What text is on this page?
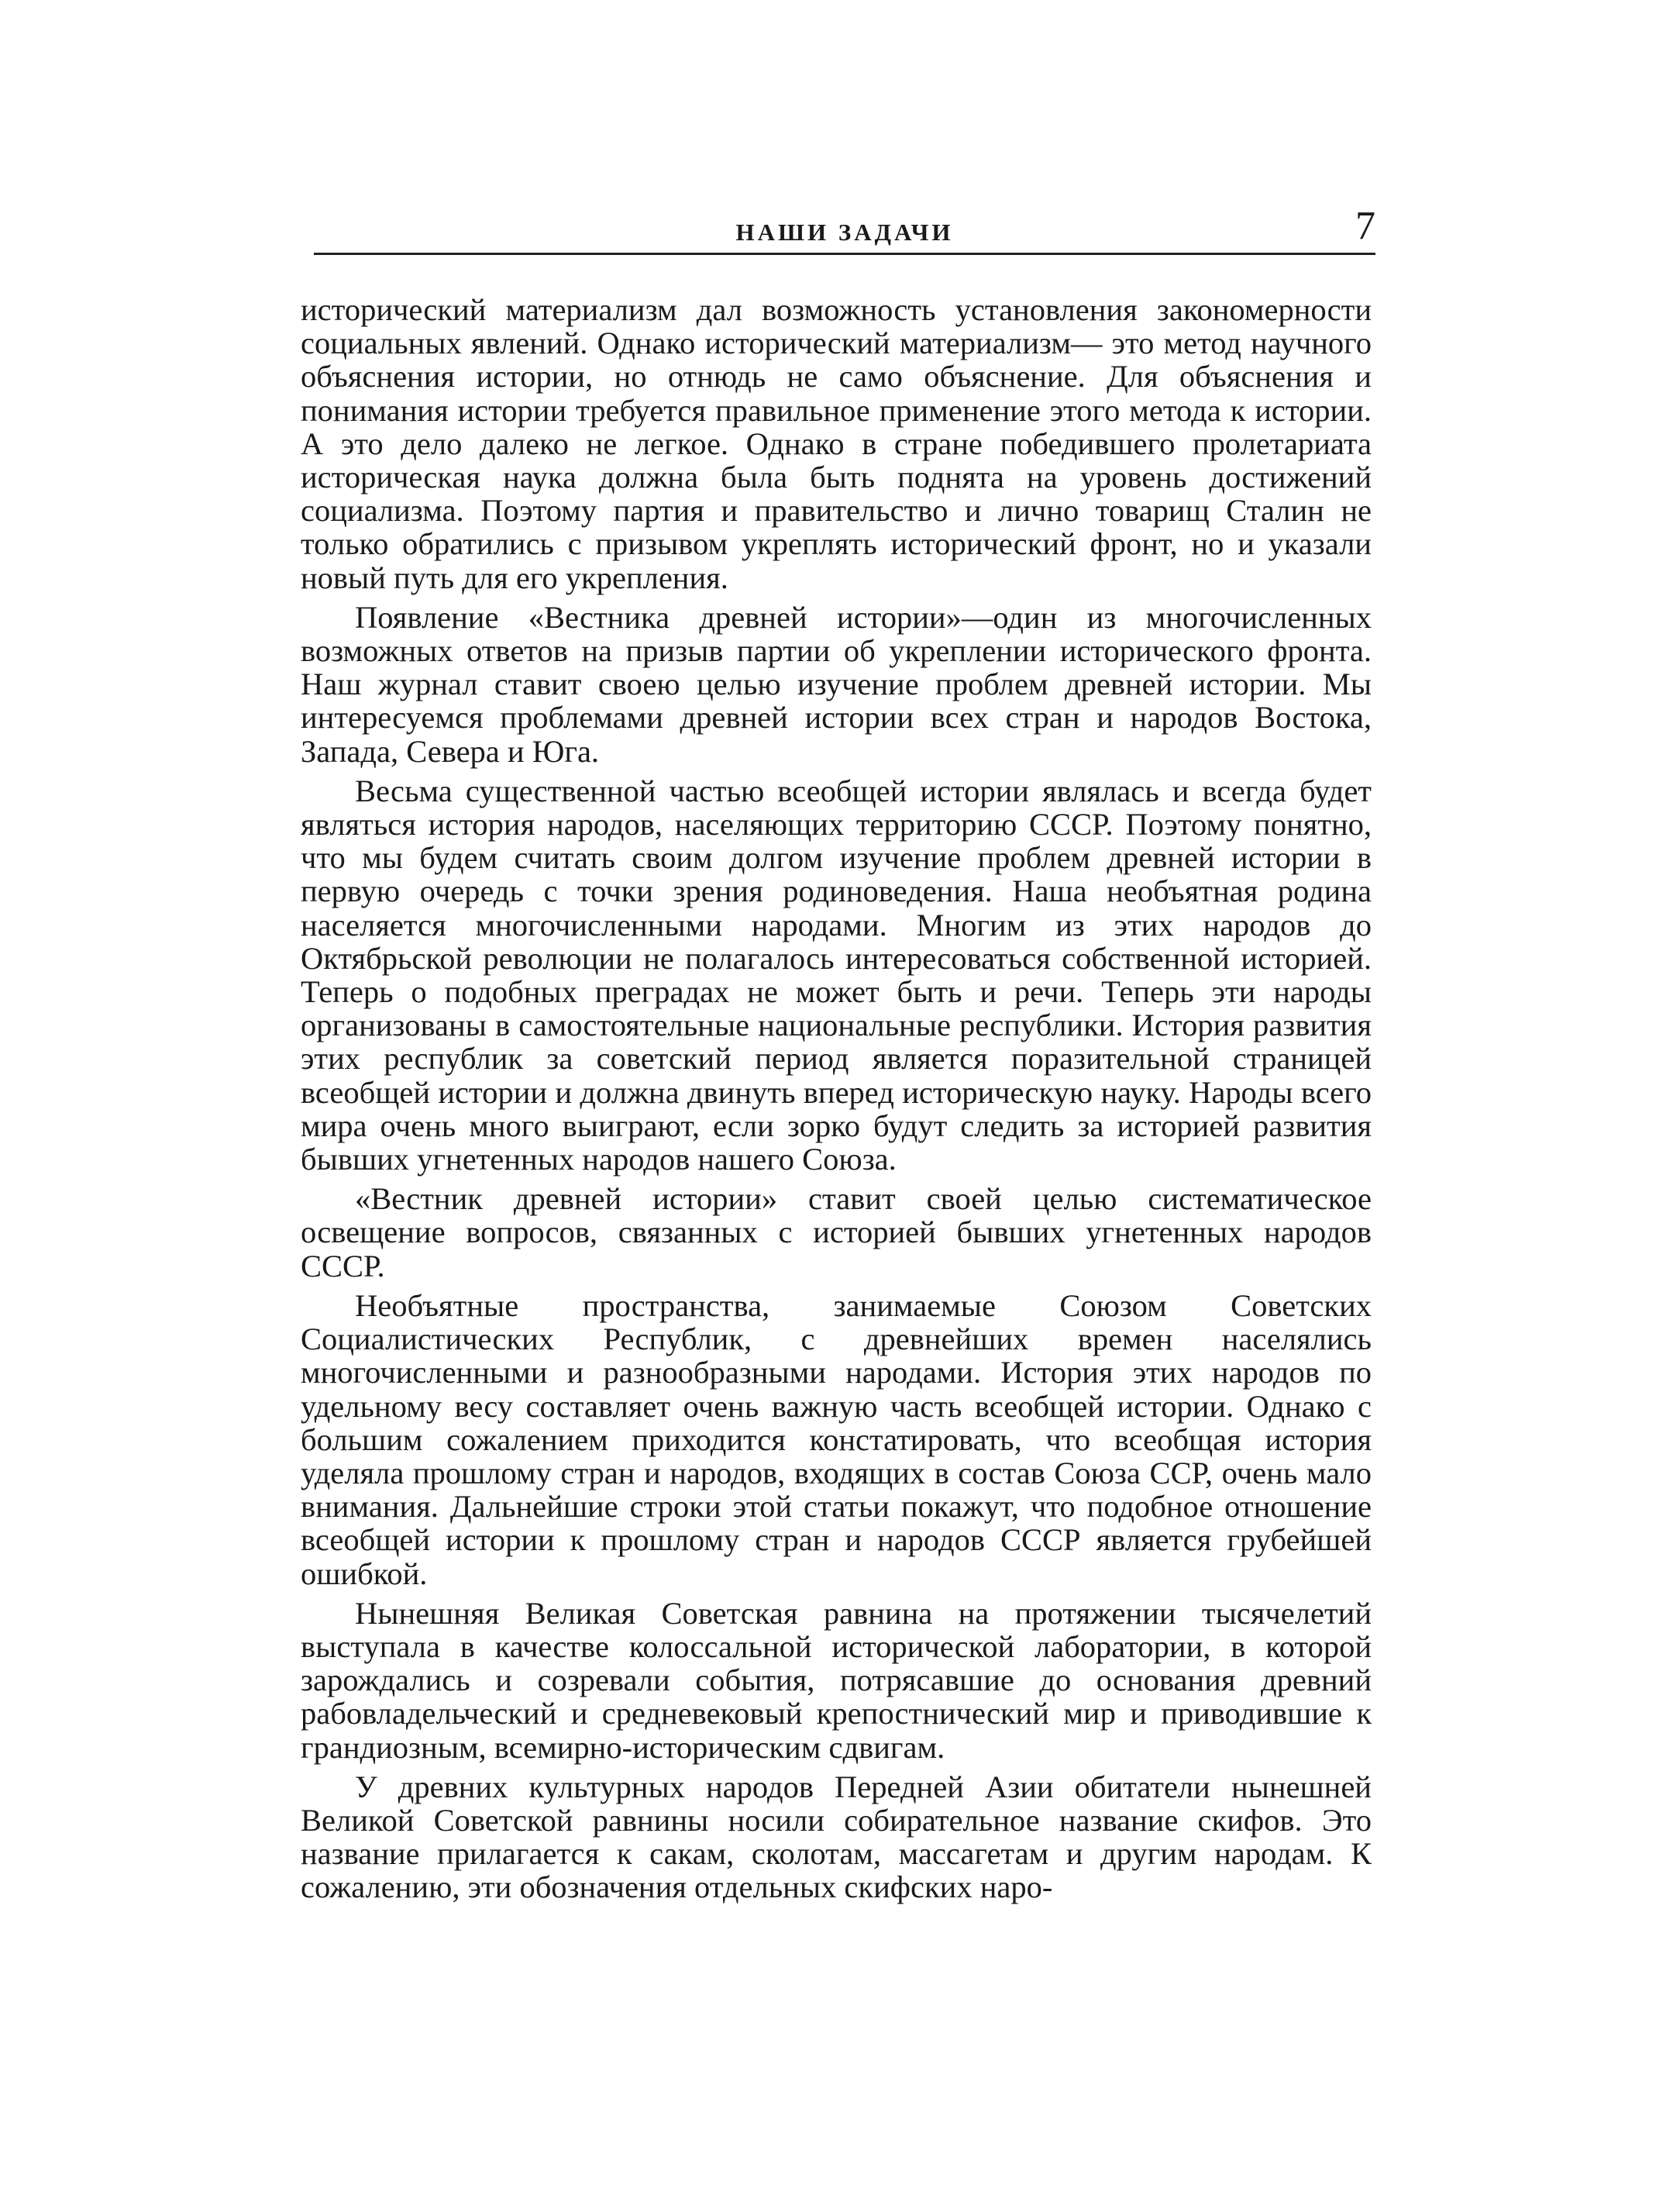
НАШИ ЗАДАЧИ	7

исторический материализм дал возможность установления закономерности социальных явлений. Однако исторический материализм— это метод научного объяснения истории, но отнюдь не само объяснение. Для объяснения и понимания истории требуется правильное применение этого метода к истории. А это дело далеко не легкое. Однако в стране победившего пролетариата историческая наука должна была быть поднята на уровень достижений социализма. Поэтому партия и правительство и лично товарищ Сталин не только обратились с призывом укреплять исторический фронт, но и указали новый путь для его укрепления.

Появление «Вестника древней истории»—один из многочисленных возможных ответов на призыв партии об укреплении исторического фронта. Наш журнал ставит своею целью изучение проблем древней истории. Мы интересуемся проблемами древней истории всех стран и народов Востока, Запада, Севера и Юга.

Весьма существенной частью всеобщей истории являлась и всегда будет являться история народов, населяющих территорию СССР. Поэтому понятно, что мы будем считать своим долгом изучение проблем древней истории в первую очередь с точки зрения родиноведения. Наша необъятная родина населяется многочисленными народами. Многим из этих народов до Октябрьской революции не полагалось интересоваться собственной историей. Теперь о подобных преградах не может быть и речи. Теперь эти народы организованы в самостоятельные национальные республики. История развития этих республик за советский период является поразительной страницей всеобщей истории и должна двинуть вперед историческую науку. Народы всего мира очень много выиграют, если зорко будут следить за историей развития бывших угнетенных народов нашего Союза.

«Вестник древней истории» ставит своей целью систематическое освещение вопросов, связанных с историей бывших угнетенных народов СССР.

Необъятные пространства, занимаемые Союзом Советских Социалистических Республик, с древнейших времен населялись многочисленными и разнообразными народами. История этих народов по удельному весу составляет очень важную часть всеобщей истории. Однако с большим сожалением приходится констатировать, что всеобщая история уделяла прошлому стран и народов, входящих в состав Союза ССР, очень мало внимания. Дальнейшие строки этой статьи покажут, что подобное отношение всеобщей истории к прошлому стран и народов СССР является грубейшей ошибкой.

Нынешняя Великая Советская равнина на протяжении тысячелетий выступала в качестве колоссальной исторической лаборатории, в которой зарождались и созревали события, потрясавшие до основания древний рабовладельческий и средневековый крепостнический мир и приводившие к грандиозным, всемирно-историческим сдвигам.

У древних культурных народов Передней Азии обитатели нынешней Великой Советской равнины носили собирательное название скифов. Это название прилагается к сакам, сколотам, массагетам и другим народам. К сожалению, эти обозначения отдельных скифских наро-
